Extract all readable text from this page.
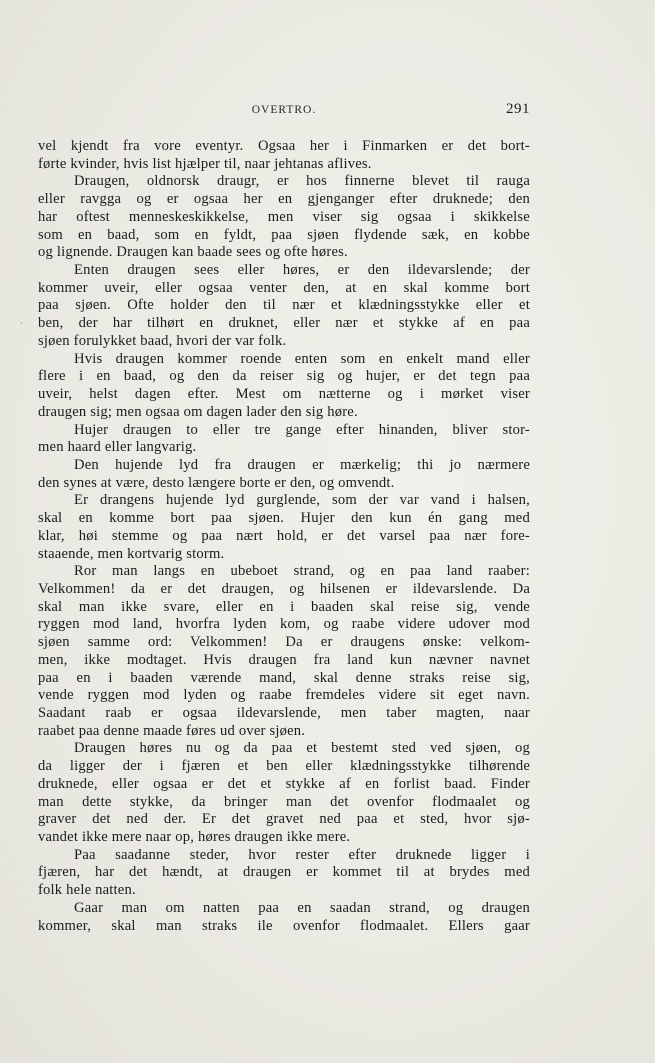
OVERTRO.	291
·
vel kjendt fra vore eventyr. Ogsaa her i Finmarken er det bort-
førte kvinder, hvis list hjælper til, naar jehtanas aflives.
Draugen, oldnorsk draugr, er hos finnerne blevet til rauga
eller ravgga og er ogsaa her en gjenganger efter druknede; den
har oftest menneskeskikkelse, men viser sig ogsaa i skikkelse
som en baad, som en fyldt, paa sjøen flydende sæk, en kobbe
og lignende. Draugen kan baade sees og ofte høres.
Enten draugen sees eller høres, er den ildevarslende; der
kommer uveir, eller ogsaa venter den, at en skal komme bort
paa sjøen. Ofte holder den til nær et klædningsstykke eller et
ben, der har tilhørt en druknet, eller nær et stykke af en paa
sjøen forulykket baad, hvori der var folk.
Hvis draugen kommer roende enten som en enkelt mand eller
flere i en baad, og den da reiser sig og hujer, er det tegn paa
uveir, helst dagen efter. Mest om nætterne og i mørket viser
draugen sig; men ogsaa om dagen lader den sig høre.
Hujer draugen to eller tre gange efter hinanden, bliver stor-
men haard eller langvarig.
Den hujende lyd fra draugen er mærkelig; thi jo nærmere
den synes at være, desto længere borte er den, og omvendt.
Er drangens hujende lyd gurglende, som der var vand i halsen,
skal en komme bort paa sjøen. Hujer den kun én gang med
klar, høi stemme og paa nært hold, er det varsel paa nær fore-
staaende, men kortvarig storm.
Ror man langs en ubeboet strand, og en paa land raaber:
Velkommen! da er det draugen, og hilsenen er ildevarslende. Da
skal man ikke svare, eller en i baaden skal reise sig, vende
ryggen mod land, hvorfra lyden kom, og raabe videre udover mod
sjøen samme ord: Velkommen! Da er draugens ønske: velkom-
men, ikke modtaget. Hvis draugen fra land kun nævner navnet
paa en i baaden værende mand, skal denne straks reise sig,
vende ryggen mod lyden og raabe fremdeles videre sit eget navn.
Saadant raab er ogsaa ildevarslende, men taber magten, naar
raabet paa denne maade føres ud over sjøen.
Draugen høres nu og da paa et bestemt sted ved sjøen, og
da ligger der i fjæren et ben eller klædningsstykke tilhørende
druknede, eller ogsaa er det et stykke af en forlist baad. Finder
man dette stykke, da bringer man det ovenfor flodmaalet og
graver det ned der. Er det gravet ned paa et sted, hvor sjø-
vandet ikke mere naar op, høres draugen ikke mere.
Paa saadanne steder, hvor rester efter druknede ligger i
fjæren, har det hændt, at draugen er kommet til at brydes med
folk hele natten.
Gaar man om natten paa en saadan strand, og draugen
kommer, skal man straks ile ovenfor flodmaalet. Ellers gaar
